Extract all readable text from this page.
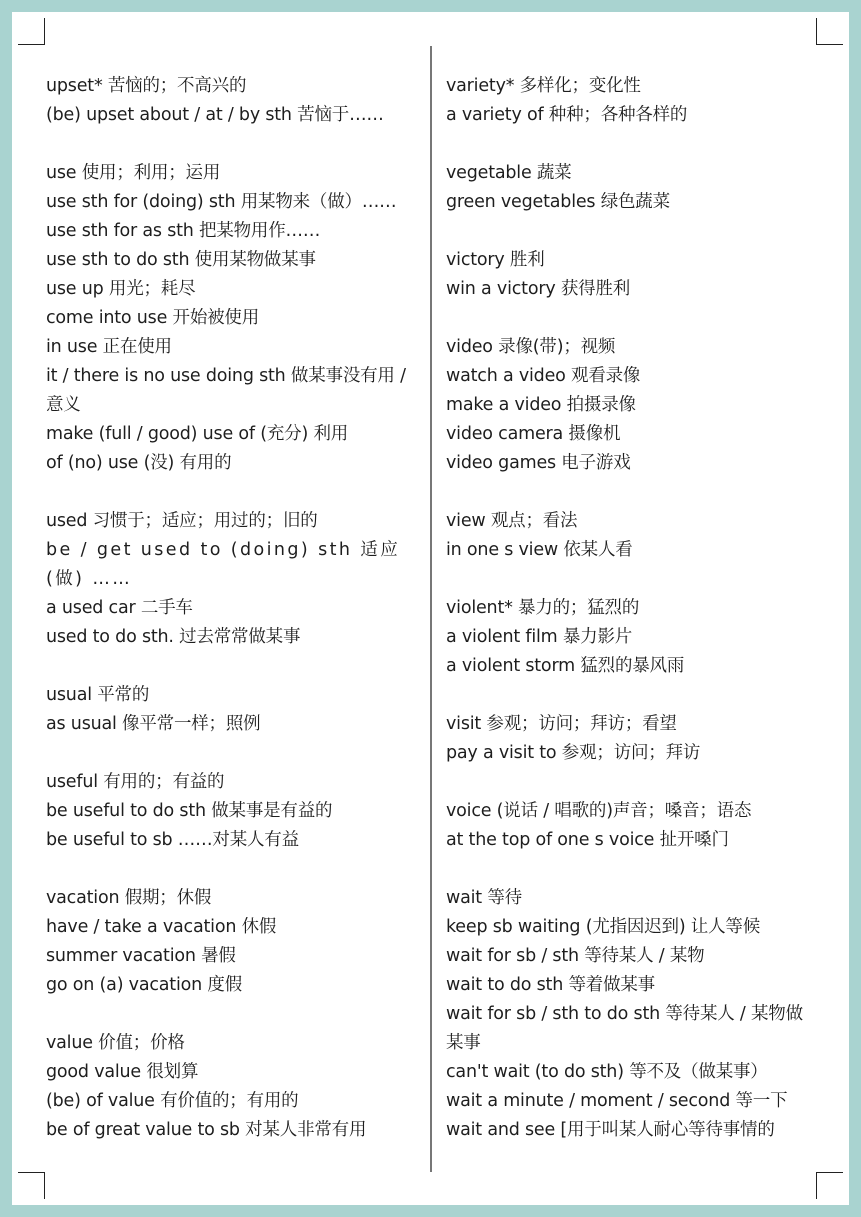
upset* 苦恼的；不高兴的
(be) upset about / at / by sth 苦恼于……
use 使用；利用；运用
use sth for (doing) sth 用某物来（做）……
use sth for as sth 把某物用作……
use sth to do sth 使用某物做某事
use up 用光；耗尽
come into use 开始被使用
in use 正在使用
it / there is no use doing sth 做某事没有用 / 意义
make (full / good) use of (充分) 利用
of (no) use (没) 有用的
used 习惯于；适应；用过的；旧的
be / get used to (doing) sth 适应(做) ……
a used car 二手车
used to do sth. 过去常常做某事
usual 平常的
as usual 像平常一样；照例
useful 有用的；有益的
be useful to do sth 做某事是有益的
be useful to sb ……对某人有益
vacation 假期；休假
have / take a vacation 休假
summer vacation 暑假
go on (a) vacation 度假
value 价值；价格
good value 很划算
(be) of value 有价值的；有用的
be of great value to sb 对某人非常有用
variety* 多样化；变化性
a variety of 种种；各种各样的
vegetable 蔬菜
green vegetables 绿色蔬菜
victory 胜利
win a victory 获得胜利
video 录像(带)；视频
watch a video 观看录像
make a video 拍摄录像
video camera 摄像机
video games 电子游戏
view 观点；看法
in one s view 依某人看
violent* 暴力的；猛烈的
a violent film 暴力影片
a violent storm 猛烈的暴风雨
visit 参观；访问；拜访；看望
pay a visit to 参观；访问；拜访
voice (说话 / 唱歌的)声音；嗓音；语态
at the top of one s voice 扯开嗓门
wait 等待
keep sb waiting (尤指因迟到) 让人等候
wait for sb / sth 等待某人 / 某物
wait to do sth 等着做某事
wait for sb / sth to do sth 等待某人 / 某物做某事
can't wait (to do sth) 等不及（做某事）
wait a minute / moment / second 等一下
wait and see [用于叫某人耐心等待事情的
